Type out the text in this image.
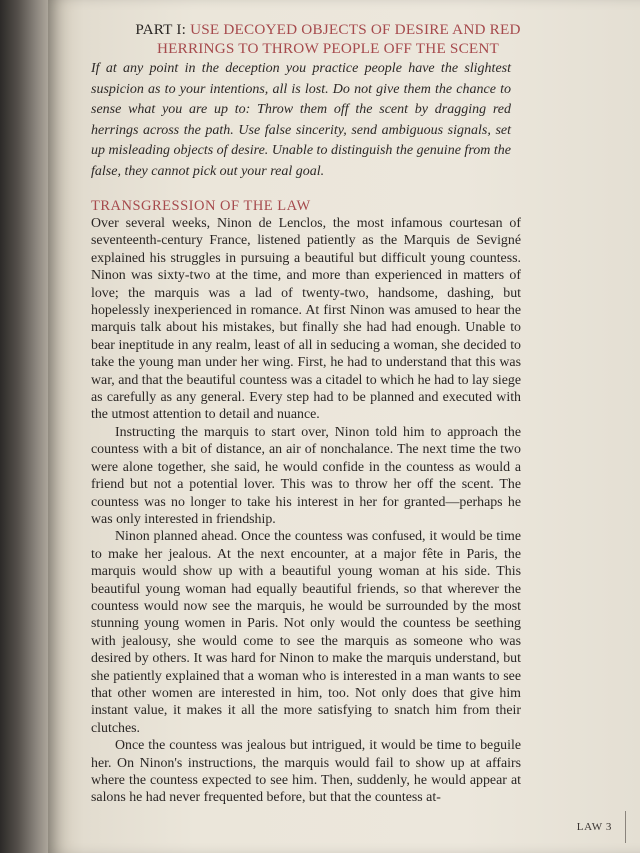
PART I: USE DECOYED OBJECTS OF DESIRE AND RED HERRINGS TO THROW PEOPLE OFF THE SCENT

If at any point in the deception you practice people have the slightest suspicion as to your intentions, all is lost. Do not give them the chance to sense what you are up to: Throw them off the scent by dragging red herrings across the path. Use false sincerity, send ambiguous signals, set up misleading objects of desire. Unable to distinguish the genuine from the false, they cannot pick out your real goal.

TRANSGRESSION OF THE LAW

Over several weeks, Ninon de Lenclos, the most infamous courtesan of seventeenth-century France, listened patiently as the Marquis de Sevigné explained his struggles in pursuing a beautiful but difficult young countess. Ninon was sixty-two at the time, and more than experienced in matters of love; the marquis was a lad of twenty-two, handsome, dashing, but hopelessly inexperienced in romance. At first Ninon was amused to hear the marquis talk about his mistakes, but finally she had had enough. Unable to bear ineptitude in any realm, least of all in seducing a woman, she decided to take the young man under her wing. First, he had to understand that this was war, and that the beautiful countess was a citadel to which he had to lay siege as carefully as any general. Every step had to be planned and executed with the utmost attention to detail and nuance.

Instructing the marquis to start over, Ninon told him to approach the countess with a bit of distance, an air of nonchalance. The next time the two were alone together, she said, he would confide in the countess as would a friend but not a potential lover. This was to throw her off the scent. The countess was no longer to take his interest in her for granted—perhaps he was only interested in friendship.

Ninon planned ahead. Once the countess was confused, it would be time to make her jealous. At the next encounter, at a major fête in Paris, the marquis would show up with a beautiful young woman at his side. This beautiful young woman had equally beautiful friends, so that wherever the countess would now see the marquis, he would be surrounded by the most stunning young women in Paris. Not only would the countess be seething with jealousy, she would come to see the marquis as someone who was desired by others. It was hard for Ninon to make the marquis understand, but she patiently explained that a woman who is interested in a man wants to see that other women are interested in him, too. Not only does that give him instant value, it makes it all the more satisfying to snatch him from their clutches.

Once the countess was jealous but intrigued, it would be time to beguile her. On Ninon's instructions, the marquis would fail to show up at affairs where the countess expected to see him. Then, suddenly, he would appear at salons he had never frequented before, but that the countess at-

LAW 3
